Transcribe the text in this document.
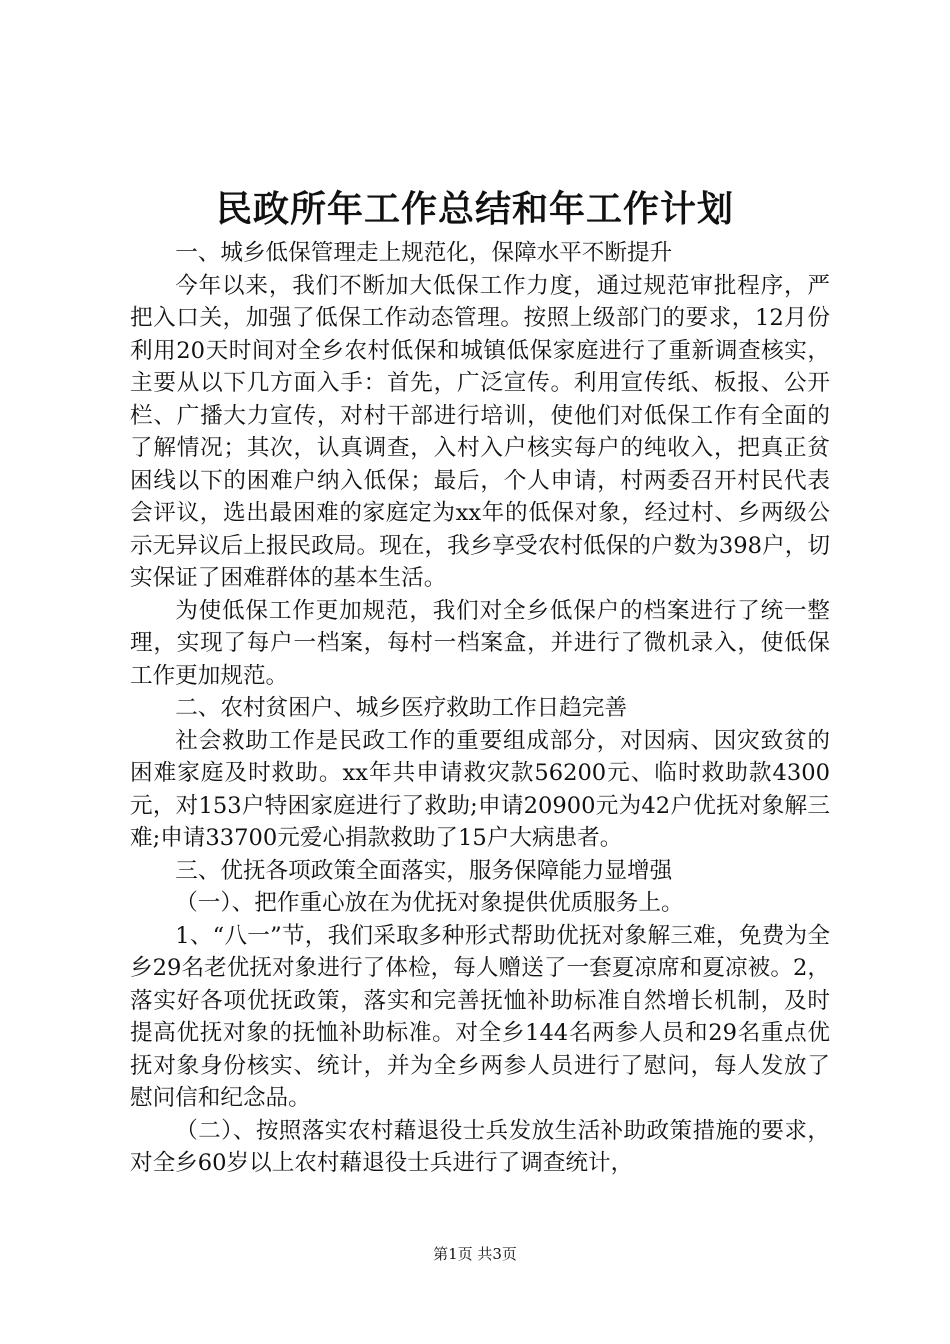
民政所年工作总结和年工作计划

一、城乡低保管理走上规范化，保障水平不断提升

今年以来，我们不断加大低保工作力度，通过规范审批程序，严把入口关，加强了低保工作动态管理。按照上级部门的要求，12月份利用20天时间对全乡农村低保和城镇低保家庭进行了重新调查核实，主要从以下几方面入手：首先，广泛宣传。利用宣传纸、板报、公开栏、广播大力宣传，对村干部进行培训，使他们对低保工作有全面的了解情况；其次，认真调查，入村入户核实每户的纯收入，把真正贫困线以下的困难户纳入低保；最后，个人申请，村两委召开村民代表会评议，选出最困难的家庭定为xx年的低保对象，经过村、乡两级公示无异议后上报民政局。现在，我乡享受农村低保的户数为398户，切实保证了困难群体的基本生活。

为使低保工作更加规范，我们对全乡低保户的档案进行了统一整理，实现了每户一档案，每村一档案盒，并进行了微机录入，使低保工作更加规范。

二、农村贫困户、城乡医疗救助工作日趋完善

社会救助工作是民政工作的重要组成部分，对因病、因灾致贫的困难家庭及时救助。xx年共申请救灾款56200元、临时救助款4300元，对153户特困家庭进行了救助;申请20900元为42户优抚对象解三难;申请33700元爱心捐款救助了15户大病患者。

三、优抚各项政策全面落实，服务保障能力显增强

（一）、把作重心放在为优抚对象提供优质服务上。

1、“八一”节，我们采取多种形式帮助优抚对象解三难，免费为全乡29名老优抚对象进行了体检，每人赠送了一套夏凉席和夏凉被。2，落实好各项优抚政策，落实和完善抚恤补助标准自然增长机制，及时提高优抚对象的抚恤补助标准。对全乡144名两参人员和29名重点优抚对象身份核实、统计，并为全乡两参人员进行了慰问，每人发放了慰问信和纪念品。

（二）、按照落实农村藉退役士兵发放生活补助政策措施的要求，对全乡60岁以上农村藉退役士兵进行了调查统计，

第1页 共3页
